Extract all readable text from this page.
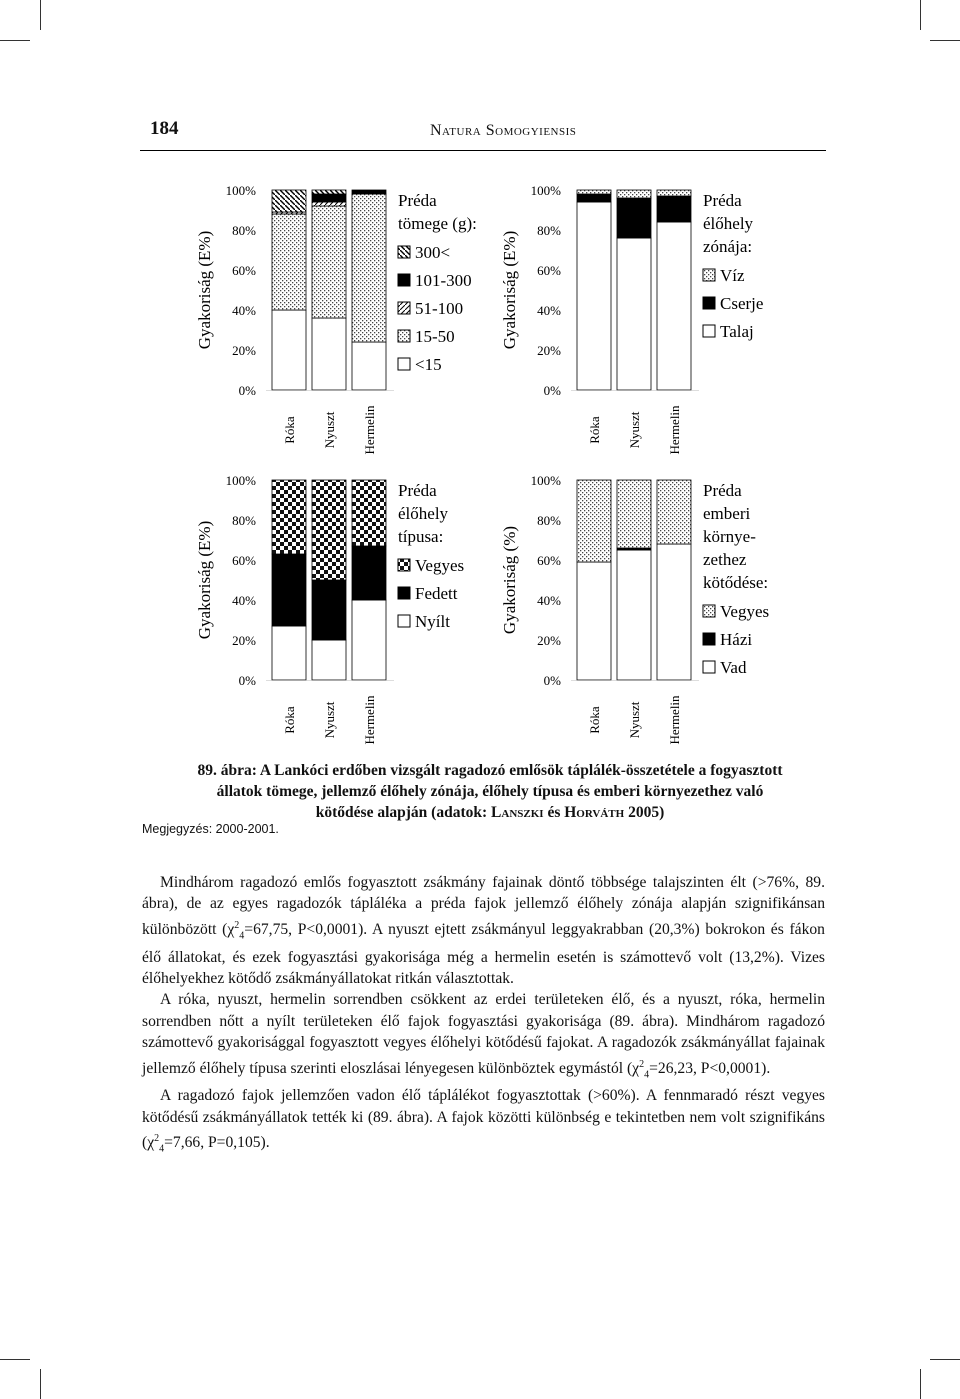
184	Natura Somogyiensis
Gyakoriság (E%)
100%
80%
60%
40%
20%
0%
Róka Nyuszt Hermelin
Préda
tömege (g):
300<
101-300
51-100
15-50
<15
Gyakoriság (E%)
100%
80%
60%
40%
20%
0%
Róka Nyuszt Hermelin
Préda
élőhely
zónája:
Víz
Cserje
Talaj
Gyakoriság (E%)
100%
80%
60%
40%
20%
0%
Róka Nyuszt Hermelin
Préda
élőhely
típusa:
Vegyes
Fedett
Nyílt	Gyakoriság (%)
100%
80%
60%
40%
20%
0%
Róka Nyuszt Hermelin
Préda
emberi
környe-
zethez
kötődése:
Vegyes
Házi
Vad
89. ábra: A Lankóci erdőben vizsgált ragadozó emlősök táplálék-összetétele a fogyasztott
állatok tömege, jellemző élőhely zónája, élőhely típusa és emberi környezethez való
kötődése alapján (adatok: Lanszki és Horváth 2005)
Megjegyzés: 2000-2001.

Mindhárom ragadozó emlős fogyasztott zsákmány fajainak döntő többsége talajszinten élt (>76%, 89. ábra), de az egyes ragadozók tápláléka a préda fajok jellemző élőhely zónája alapján szignifikánsan különbözött ($\chi^2_4=67,75$, P<0,0001). A nyuszt ejtett zsákmányul leggyakrabban (20,3%) bokrokon és fákon élő állatokat, és ezek fogyasztási gyakorisága még a hermelin esetén is számottevő volt (13,2%). Vizes élőhelyekhez kötődő zsákmányállatokat ritkán választottak.

A róka, nyuszt, hermelin sorrendben csökkent az erdei területeken élő, és a nyuszt, róka, hermelin sorrendben nőtt a nyílt területeken élő fajok fogyasztási gyakorisága (89. ábra). Mindhárom ragadozó számottevő gyakorisággal fogyasztott vegyes élőhelyi kötődésű fajokat. A ragadozók zsákmányállat fajainak jellemző élőhely típusa szerinti eloszlásai lényegesen különböztek egymástól ($\chi^2_4=26,23$, P<0,0001).

A ragadozó fajok jellemzően vadon élő táplálékot fogyasztottak (>60%). A fennmaradó részt vegyes kötődésű zsákmányállatok tették ki (89. ábra). A fajok közötti különbség e tekintetben nem volt szignifikáns ($\chi^2_4=7,66$, P=0,105).
